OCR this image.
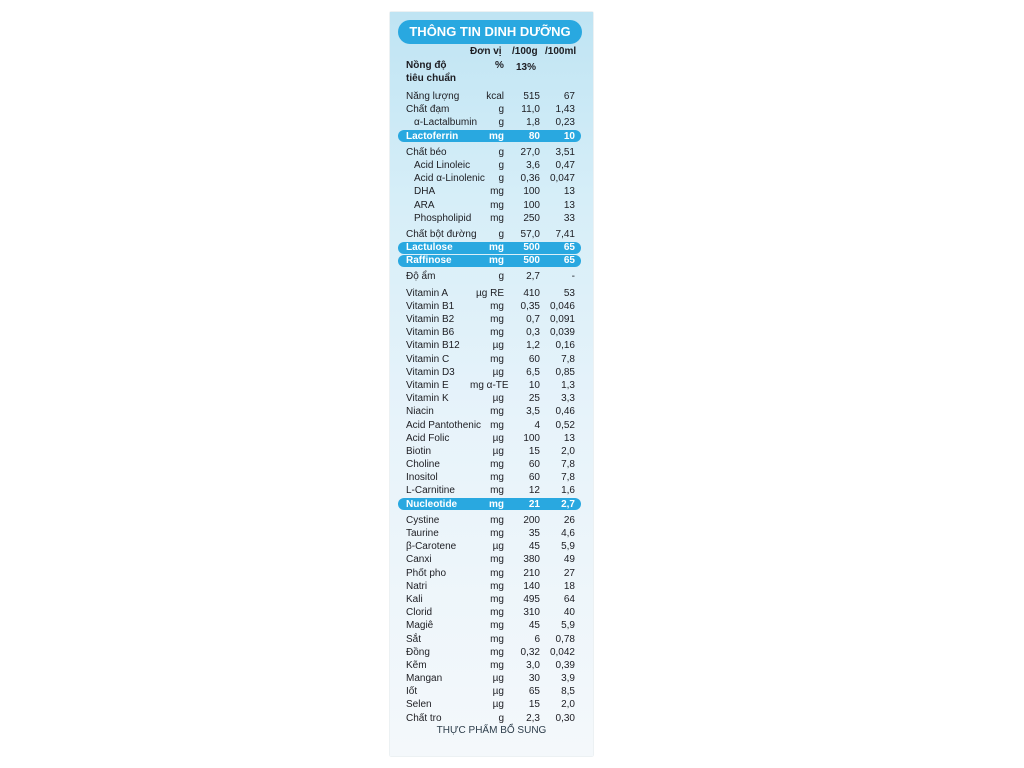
THÔNG TIN DINH DƯỠNG
Đơn vị /100g /100ml
Nồng độ
tiêu chuẩn
% 13%
Năng lượng	kcal	515	67
Chất đạm	g	11,0	1,43
α-Lactalbumin	g	1,8	0,23
Lactoferrin	mg	80	10
Chất béo	g	27,0	3,51
Acid Linoleic	g	3,6	0,47
Acid α-Linolenic	g	0,36 0,047
DHA	mg	100	13
ARA	mg	100	13
Phospholipid	mg	250	33
Chất bột đường	g	57,0	7,41
Lactulose	mg	500	65
Raffinose	mg	500	65
Độ ẩm	g	2,7	-
Vitamin A	µg RE	410	53
Vitamin B1	mg	0,35 0,046
Vitamin B2	mg	0,7 0,091
Vitamin B6	mg	0,3 0,039
Vitamin B12	µg	1,2	0,16
Vitamin C	mg	60	7,8
Vitamin D3	µg	6,5	0,85
Vitamin E mg α-TE	10	1,3
Vitamin K	µg	25	3,3
Niacin	mg	3,5	0,46
Acid Pantothenic mg	4	0,52
Acid Folic	µg	100	13
Biotin	µg	15	2,0
Choline	mg	60	7,8
Inositol	mg	60	7,8
L-Carnitine	mg	12	1,6
Nucleotide	mg	21	2,7
Cystine	mg	200	26
Taurine	mg	35	4,6
β-Carotene	µg	45	5,9
Canxi	mg	380	49
Phốt pho	mg	210	27
Natri	mg	140	18
Kali	mg	495	64
Clorid	mg	310	40
Magiê	mg	45	5,9
Sắt	mg	6	0,78
Đồng	mg	0,32 0,042
Kẽm	mg	3,0	0,39
Mangan	µg	30	3,9
Iốt	µg	65	8,5
Selen	µg	15	2,0
Chất tro	g	2,3	0,30
THỰC PHẨM BỔ SUNG
